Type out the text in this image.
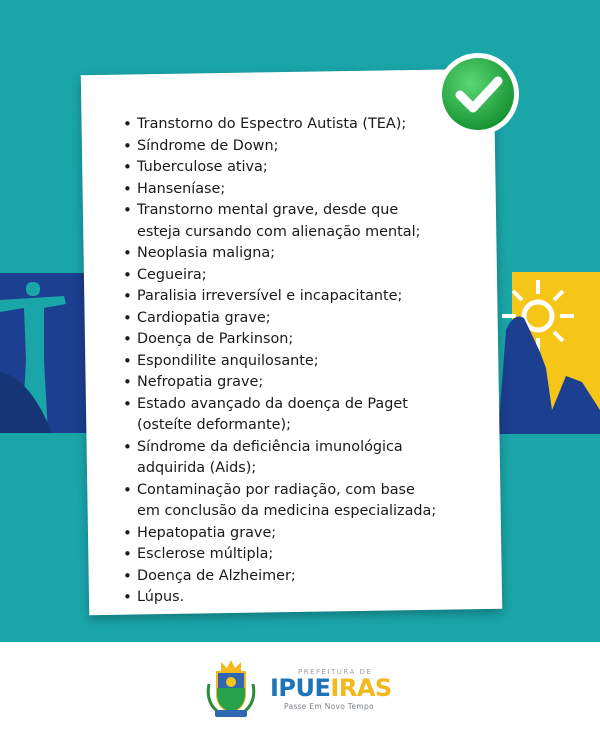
• Transtorno do Espectro Autista (TEA);
• Síndrome de Down;
• Tuberculose ativa;
• Hanseníase;
• Transtorno mental grave, desde que
esteja cursando com alienação mental;
• Neoplasia maligna;
• Cegueira;
• Paralisia irreversível e incapacitante;
• Cardiopatia grave;
• Doença de Parkinson;
• Espondilite anquilosante;
• Nefropatia grave;
• Estado avançado da doença de Paget
(osteíte deformante);
• Síndrome da deficiência imunológica
adquirida (Aids);
• Contaminação por radiação, com base
em conclusão da medicina especializada;
• Hepatopatia grave;
• Esclerose múltipla;
• Doença de Alzheimer;
• Lúpus.
PREFEITURA DE
IPUEIRAS
Passe Em Novo Tempo
